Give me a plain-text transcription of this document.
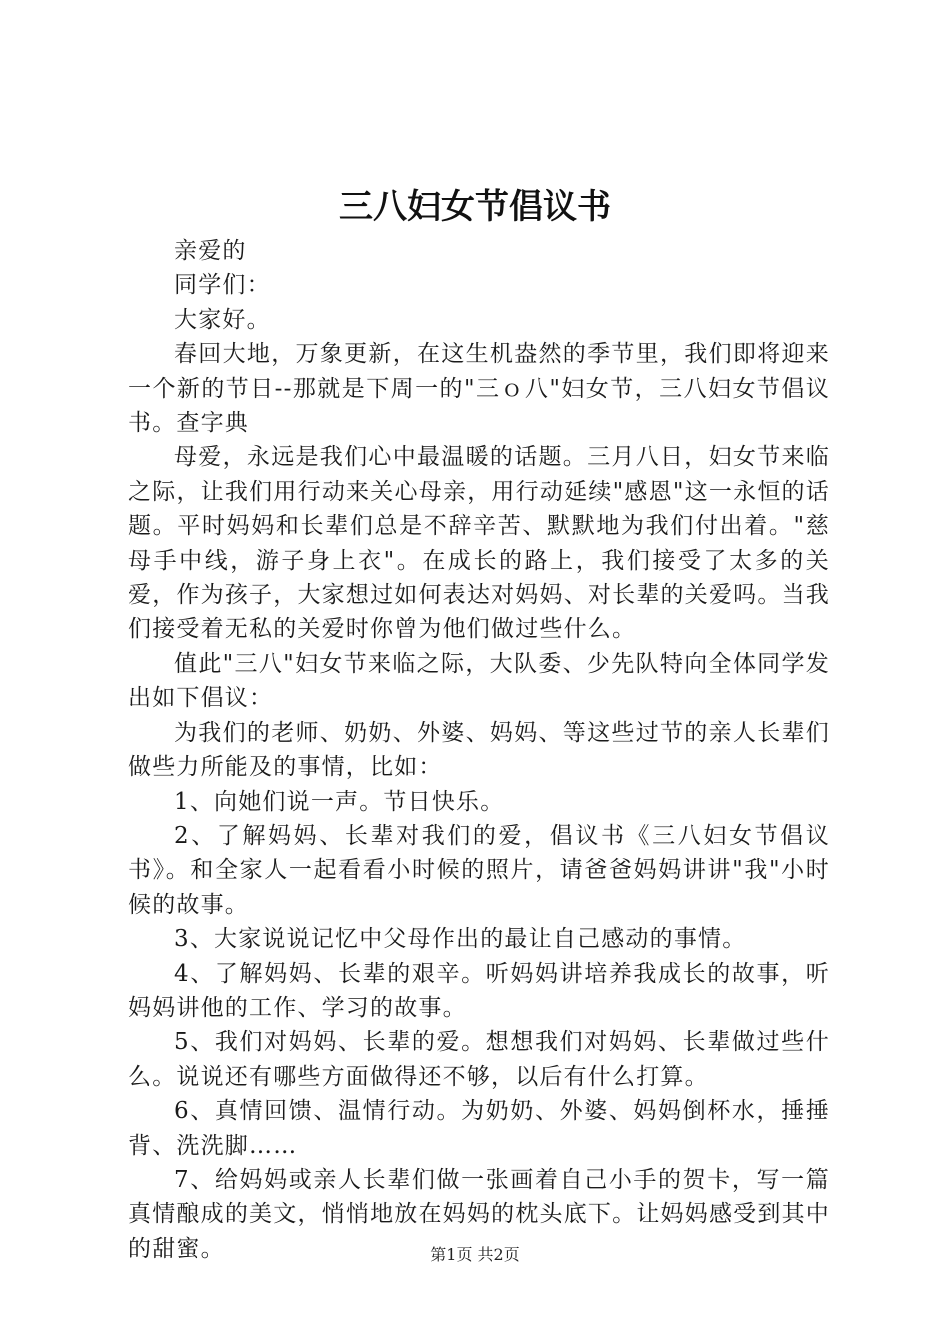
三八妇女节倡议书

亲爱的

同学们：

大家好。

春回大地，万象更新，在这生机盎然的季节里，我们即将迎来一个新的节日--那就是下周一的"三ｏ八"妇女节，三八妇女节倡议书。查字典

母爱，永远是我们心中最温暖的话题。三月八日，妇女节来临之际，让我们用行动来关心母亲，用行动延续"感恩"这一永恒的话题。平时妈妈和长辈们总是不辞辛苦、默默地为我们付出着。"慈母手中线，游子身上衣"。在成长的路上，我们接受了太多的关爱，作为孩子，大家想过如何表达对妈妈、对长辈的关爱吗。当我们接受着无私的关爱时你曾为他们做过些什么。

值此"三八"妇女节来临之际，大队委、少先队特向全体同学发出如下倡议：

为我们的老师、奶奶、外婆、妈妈、等这些过节的亲人长辈们做些力所能及的事情，比如：

1、向她们说一声。节日快乐。

2、了解妈妈、长辈对我们的爱，倡议书《三八妇女节倡议书》。和全家人一起看看小时候的照片，请爸爸妈妈讲讲"我"小时候的故事。

3、大家说说记忆中父母作出的最让自己感动的事情。

4、了解妈妈、长辈的艰辛。听妈妈讲培养我成长的故事，听妈妈讲他的工作、学习的故事。

5、我们对妈妈、长辈的爱。想想我们对妈妈、长辈做过些什么。说说还有哪些方面做得还不够，以后有什么打算。

6、真情回馈、温情行动。为奶奶、外婆、妈妈倒杯水，捶捶背、洗洗脚……

7、给妈妈或亲人长辈们做一张画着自己小手的贺卡，写一篇真情酿成的美文，悄悄地放在妈妈的枕头底下。让妈妈感受到其中的甜蜜。	第1页 共2页
